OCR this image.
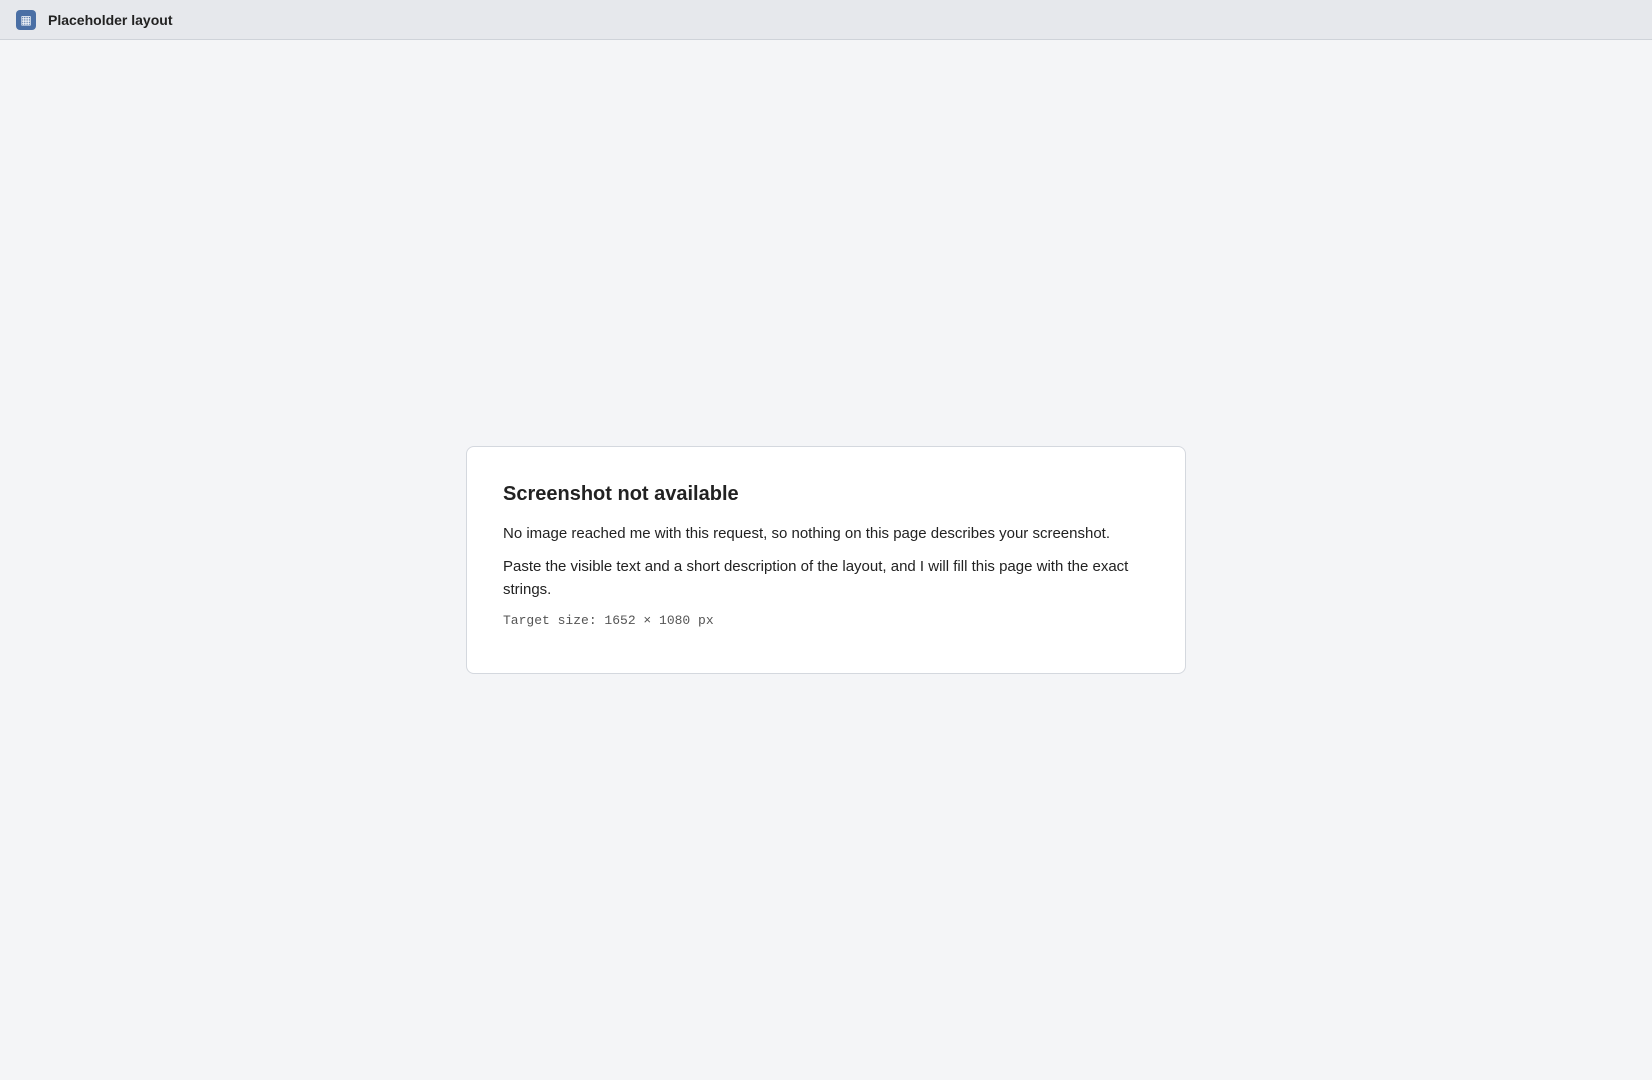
▦	Placeholder layout
Screenshot not available

No image reached me with this request, so nothing on this page describes your screenshot.

Paste the visible text and a short description of the layout, and I will fill this page with the exact strings.

Target size: 1652 × 1080 px
